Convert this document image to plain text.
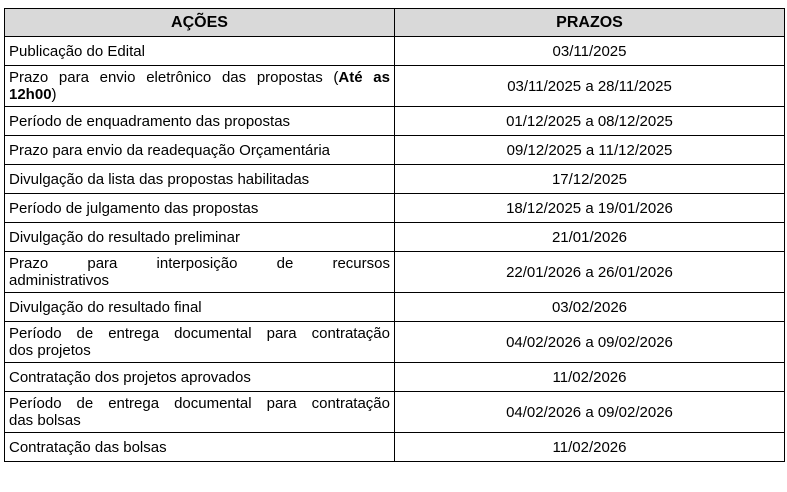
AÇÕES	PRAZOS
Publicação do Edital	03/11/2025
Prazo para envio eletrônico das propostas (Até as 12h00)	03/11/2025 a 28/11/2025
Período de enquadramento das propostas	01/12/2025 a 08/12/2025
Prazo para envio da readequação Orçamentária	09/12/2025 a 11/12/2025
Divulgação da lista das propostas habilitadas	17/12/2025
Período de julgamento das propostas	18/12/2025 a 19/01/2026
Divulgação do resultado preliminar	21/01/2026

Prazo para interposição de recursos
administrativos	22/01/2026 a 26/01/2026
Divulgação do resultado final	03/02/2026

Período de entrega documental para contratação
dos projetos	04/02/2026 a 09/02/2026
Contratação dos projetos aprovados	11/02/2026

Período de entrega documental para contratação
das bolsas	04/02/2026 a 09/02/2026
Contratação das bolsas	11/02/2026
